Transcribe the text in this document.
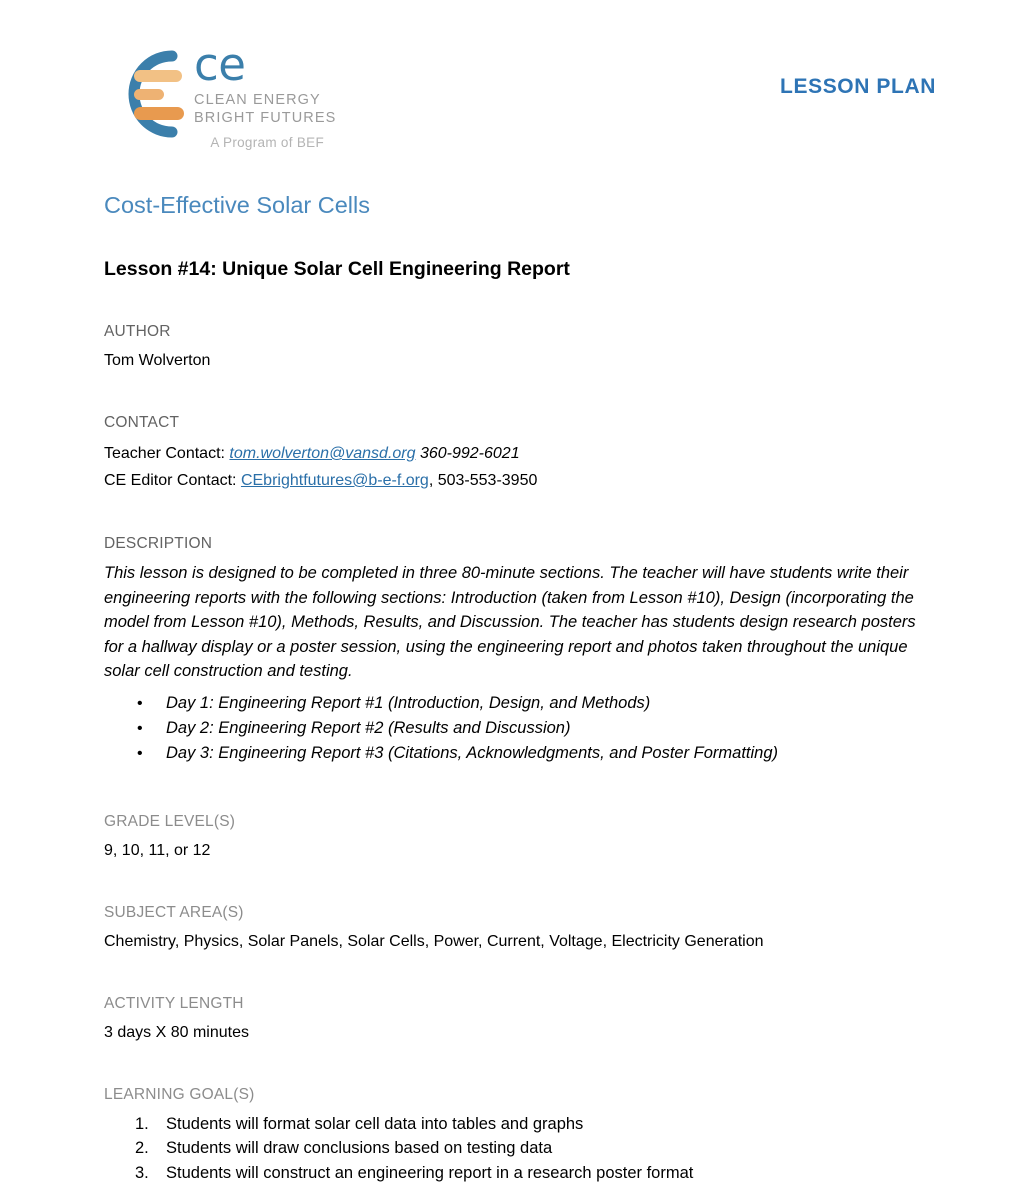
ce
CLEAN ENERGY
BRIGHT FUTURES
A Program of BEF
LESSON PLAN
Cost-Effective Solar Cells
Lesson #14: Unique Solar Cell Engineering Report
AUTHOR
Tom Wolverton
CONTACT
Teacher Contact: tom.wolverton@vansd.org 360-992-6021
CE Editor Contact: CEbrightfutures@b-e-f.org, 503-553-3950
DESCRIPTION
This lesson is designed to be completed in three 80-minute sections. The teacher will have students write their engineering reports with the following sections: Introduction (taken from Lesson #10), Design (incorporating the model from Lesson #10), Methods, Results, and Discussion. The teacher has students design research posters for a hallway display or a poster session, using the engineering report and photos taken throughout the unique solar cell construction and testing.
• Day 1: Engineering Report #1 (Introduction, Design, and Methods)
• Day 2: Engineering Report #2 (Results and Discussion)
• Day 3: Engineering Report #3 (Citations, Acknowledgments, and Poster Formatting)
GRADE LEVEL(S)
9, 10, 11, or 12
SUBJECT AREA(S)
Chemistry, Physics, Solar Panels, Solar Cells, Power, Current, Voltage, Electricity Generation
ACTIVITY LENGTH
3 days X 80 minutes
LEARNING GOAL(S)
1. Students will format solar cell data into tables and graphs
2. Students will draw conclusions based on testing data
3. Students will construct an engineering report in a research poster format
